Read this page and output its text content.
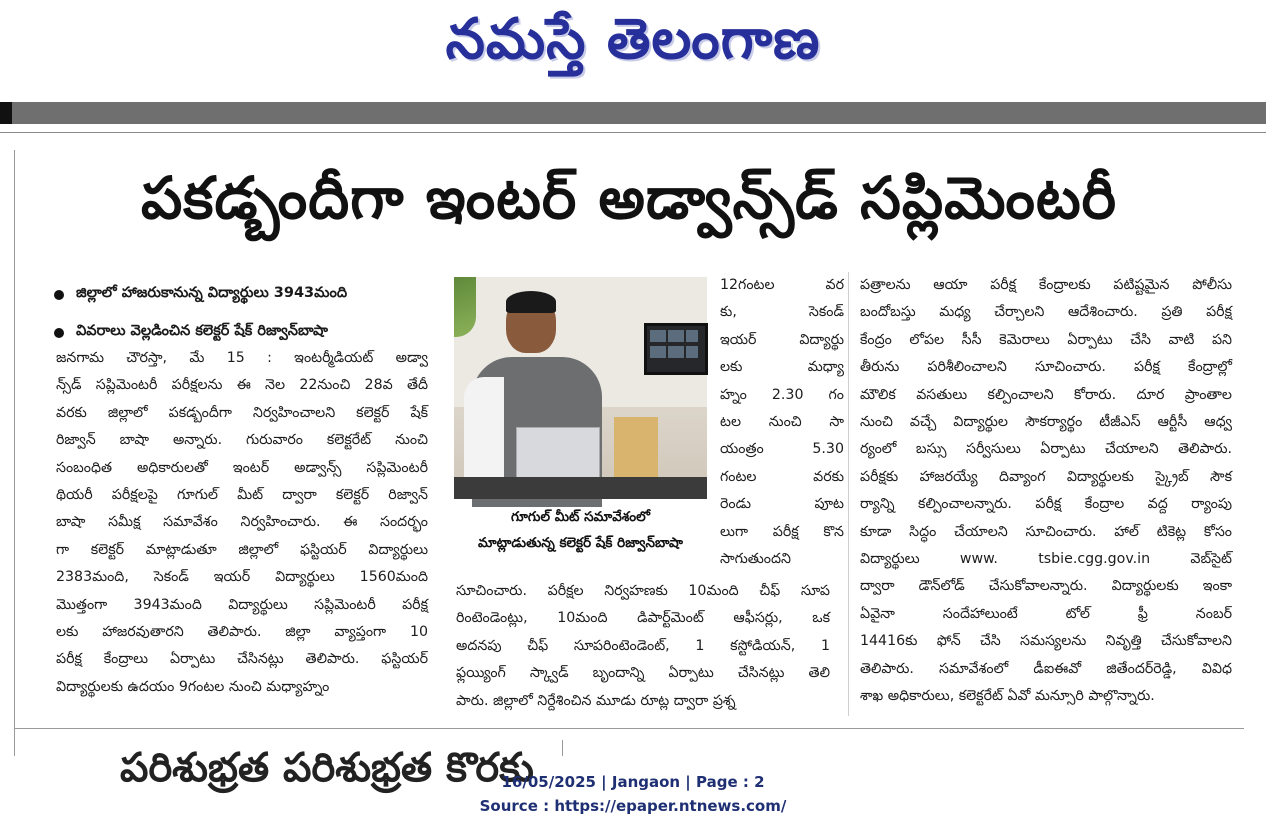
నమస్తే తెలంగాణ
పకడ్బందీగా ఇంటర్ అడ్వాన్స్‌డ్ సప్లిమెంటరీ
జిల్లాలో హాజరుకానున్న విద్యార్థులు 3943మంది
వివరాలు వెల్లడించిన కలెక్టర్ షేక్ రిజ్వాన్‌బాషా
జనగామ చౌరస్తా, మే 15 : ఇంటర్మీడియట్ అడ్వా
న్స్‌డ్ సప్లిమెంటరీ పరీక్షలను ఈ నెల 22నుంచి 28వ తేదీ
వరకు జిల్లాలో పకడ్బందీగా నిర్వహించాలని కలెక్టర్ షేక్
రిజ్వాన్ బాషా అన్నారు. గురువారం కలెక్టరేట్ నుంచి
సంబంధిత అధికారులతో ఇంటర్ అడ్వాన్స్ సప్లిమెంటరీ
థియరీ పరీక్షలపై గూగుల్ మీట్ ద్వారా కలెక్టర్ రిజ్వాన్
బాషా సమీక్ష సమావేశం నిర్వహించారు. ఈ సందర్భం
గా కలెక్టర్ మాట్లాడుతూ జిల్లాలో ఫస్టియర్ విద్యార్థులు
2383మంది, సెకండ్ ఇయర్ విద్యార్థులు 1560మంది
మొత్తంగా 3943మంది విద్యార్థులు సప్లిమెంటరీ పరీక్ష
లకు హాజరవుతారని తెలిపారు. జిల్లా వ్యాప్తంగా 10
పరీక్ష కేంద్రాలు ఏర్పాటు చేసినట్లు తెలిపారు. ఫస్టియర్
విద్యార్థులకు ఉదయం 9గంటల నుంచి మధ్యాహ్నం
గూగుల్ మీట్ సమావేశంలో
మాట్లాడుతున్న కలెక్టర్ షేక్ రిజ్వాన్‌బాషా
12గంటల వర
కు, సెకండ్
ఇయర్ విద్యార్థు
లకు మధ్యా
హ్నం 2.30 గం
టల నుంచి సా
యంత్రం 5.30
గంటల వరకు
రెండు పూట
లుగా పరీక్ష కొన
సాగుతుందని
సూచించారు. పరీక్షల నిర్వహణకు 10మంది చీఫ్ సూప
రింటెండెంట్లు, 10మంది డిపార్ట్‌మెంట్ ఆఫీసర్లు, ఒక
అదనపు చీఫ్ సూపరింటెండెంట్, 1 కస్టోడియన్, 1
ఫ్లయ్యింగ్ స్క్వాడ్ బృందాన్ని ఏర్పాటు చేసినట్లు తెలి
పారు. జిల్లాలో నిర్దేశించిన మూడు రూట్ల ద్వారా ప్రశ్న
పత్రాలను ఆయా పరీక్ష కేంద్రాలకు పటిష్టమైన పోలీసు
బందోబస్తు మధ్య చేర్చాలని ఆదేశించారు. ప్రతి పరీక్ష
కేంద్రం లోపల సీసీ కెమెరాలు ఏర్పాటు చేసి వాటి పని
తీరును పరిశీలించాలని సూచించారు. పరీక్ష కేంద్రాల్లో
మౌలిక వసతులు కల్పించాలని కోరారు. దూర ప్రాంతాల
నుంచి వచ్చే విద్యార్థుల సౌకర్యార్థం టీజీఎస్ ఆర్టీసీ ఆధ్వ
ర్యంలో బస్సు సర్వీసులు ఏర్పాటు చేయాలని తెలిపారు.
పరీక్షకు హాజరయ్యే దివ్యాంగ విద్యార్థులకు స్క్రైబ్ సౌక
ర్యాన్ని కల్పించాలన్నారు. పరీక్ష కేంద్రాల వద్ద ర్యాంపు
కూడా సిద్ధం చేయాలని సూచించారు. హాల్ టికెట్ల కోసం
విద్యార్థులు www. tsbie.cgg.gov.in వెబ్‌సైట్
ద్వారా డౌన్‌లోడ్ చేసుకోవాలన్నారు. విద్యార్థులకు ఇంకా
ఏవైనా సందేహాలుంటే టోల్ ఫ్రీ నంబర్
14416కు ఫోన్ చేసి సమస్యలను నివృత్తి చేసుకోవాలని
తెలిపారు. సమావేశంలో డీఐఈవో జితేందర్‌రెడ్డి, వివిధ
శాఖ అధికారులు, కలెక్టరేట్ ఏవో మన్సూరి పాల్గొన్నారు.
పరిశుభ్రత పరిశుభ్రత కొరకు
16/05/2025 | Jangaon | Page : 2
Source : https://epaper.ntnews.com/
